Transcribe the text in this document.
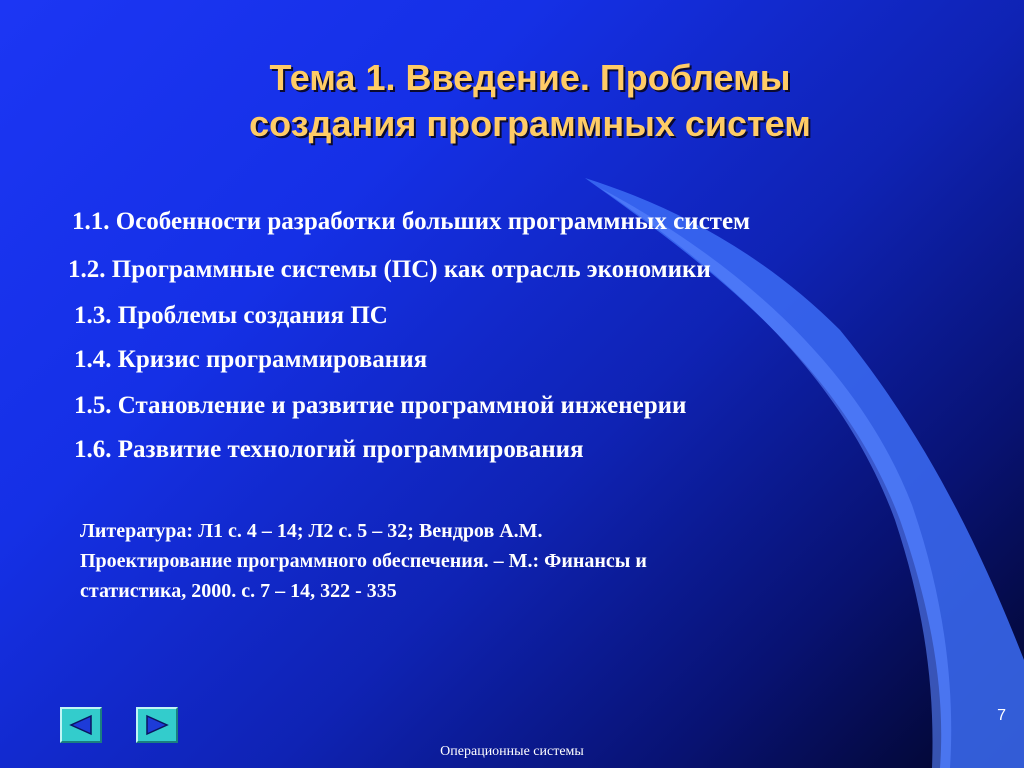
Тема 1. Введение. Проблемы
создания программных систем
1.1. Особенности разработки больших программных систем
1.2. Программные системы (ПС) как отрасль экономики
1.3. Проблемы создания ПС
1.4. Кризис программирования
1.5. Становление и развитие программной инженерии
1.6. Развитие технологий программирования
Литература: Л1 с. 4 – 14; Л2 с. 5 – 32; Вендров А.М.
Проектирование программного обеспечения. – М.: Финансы и
статистика, 2000. с. 7 – 14, 322 - 335
7
Операционные системы
